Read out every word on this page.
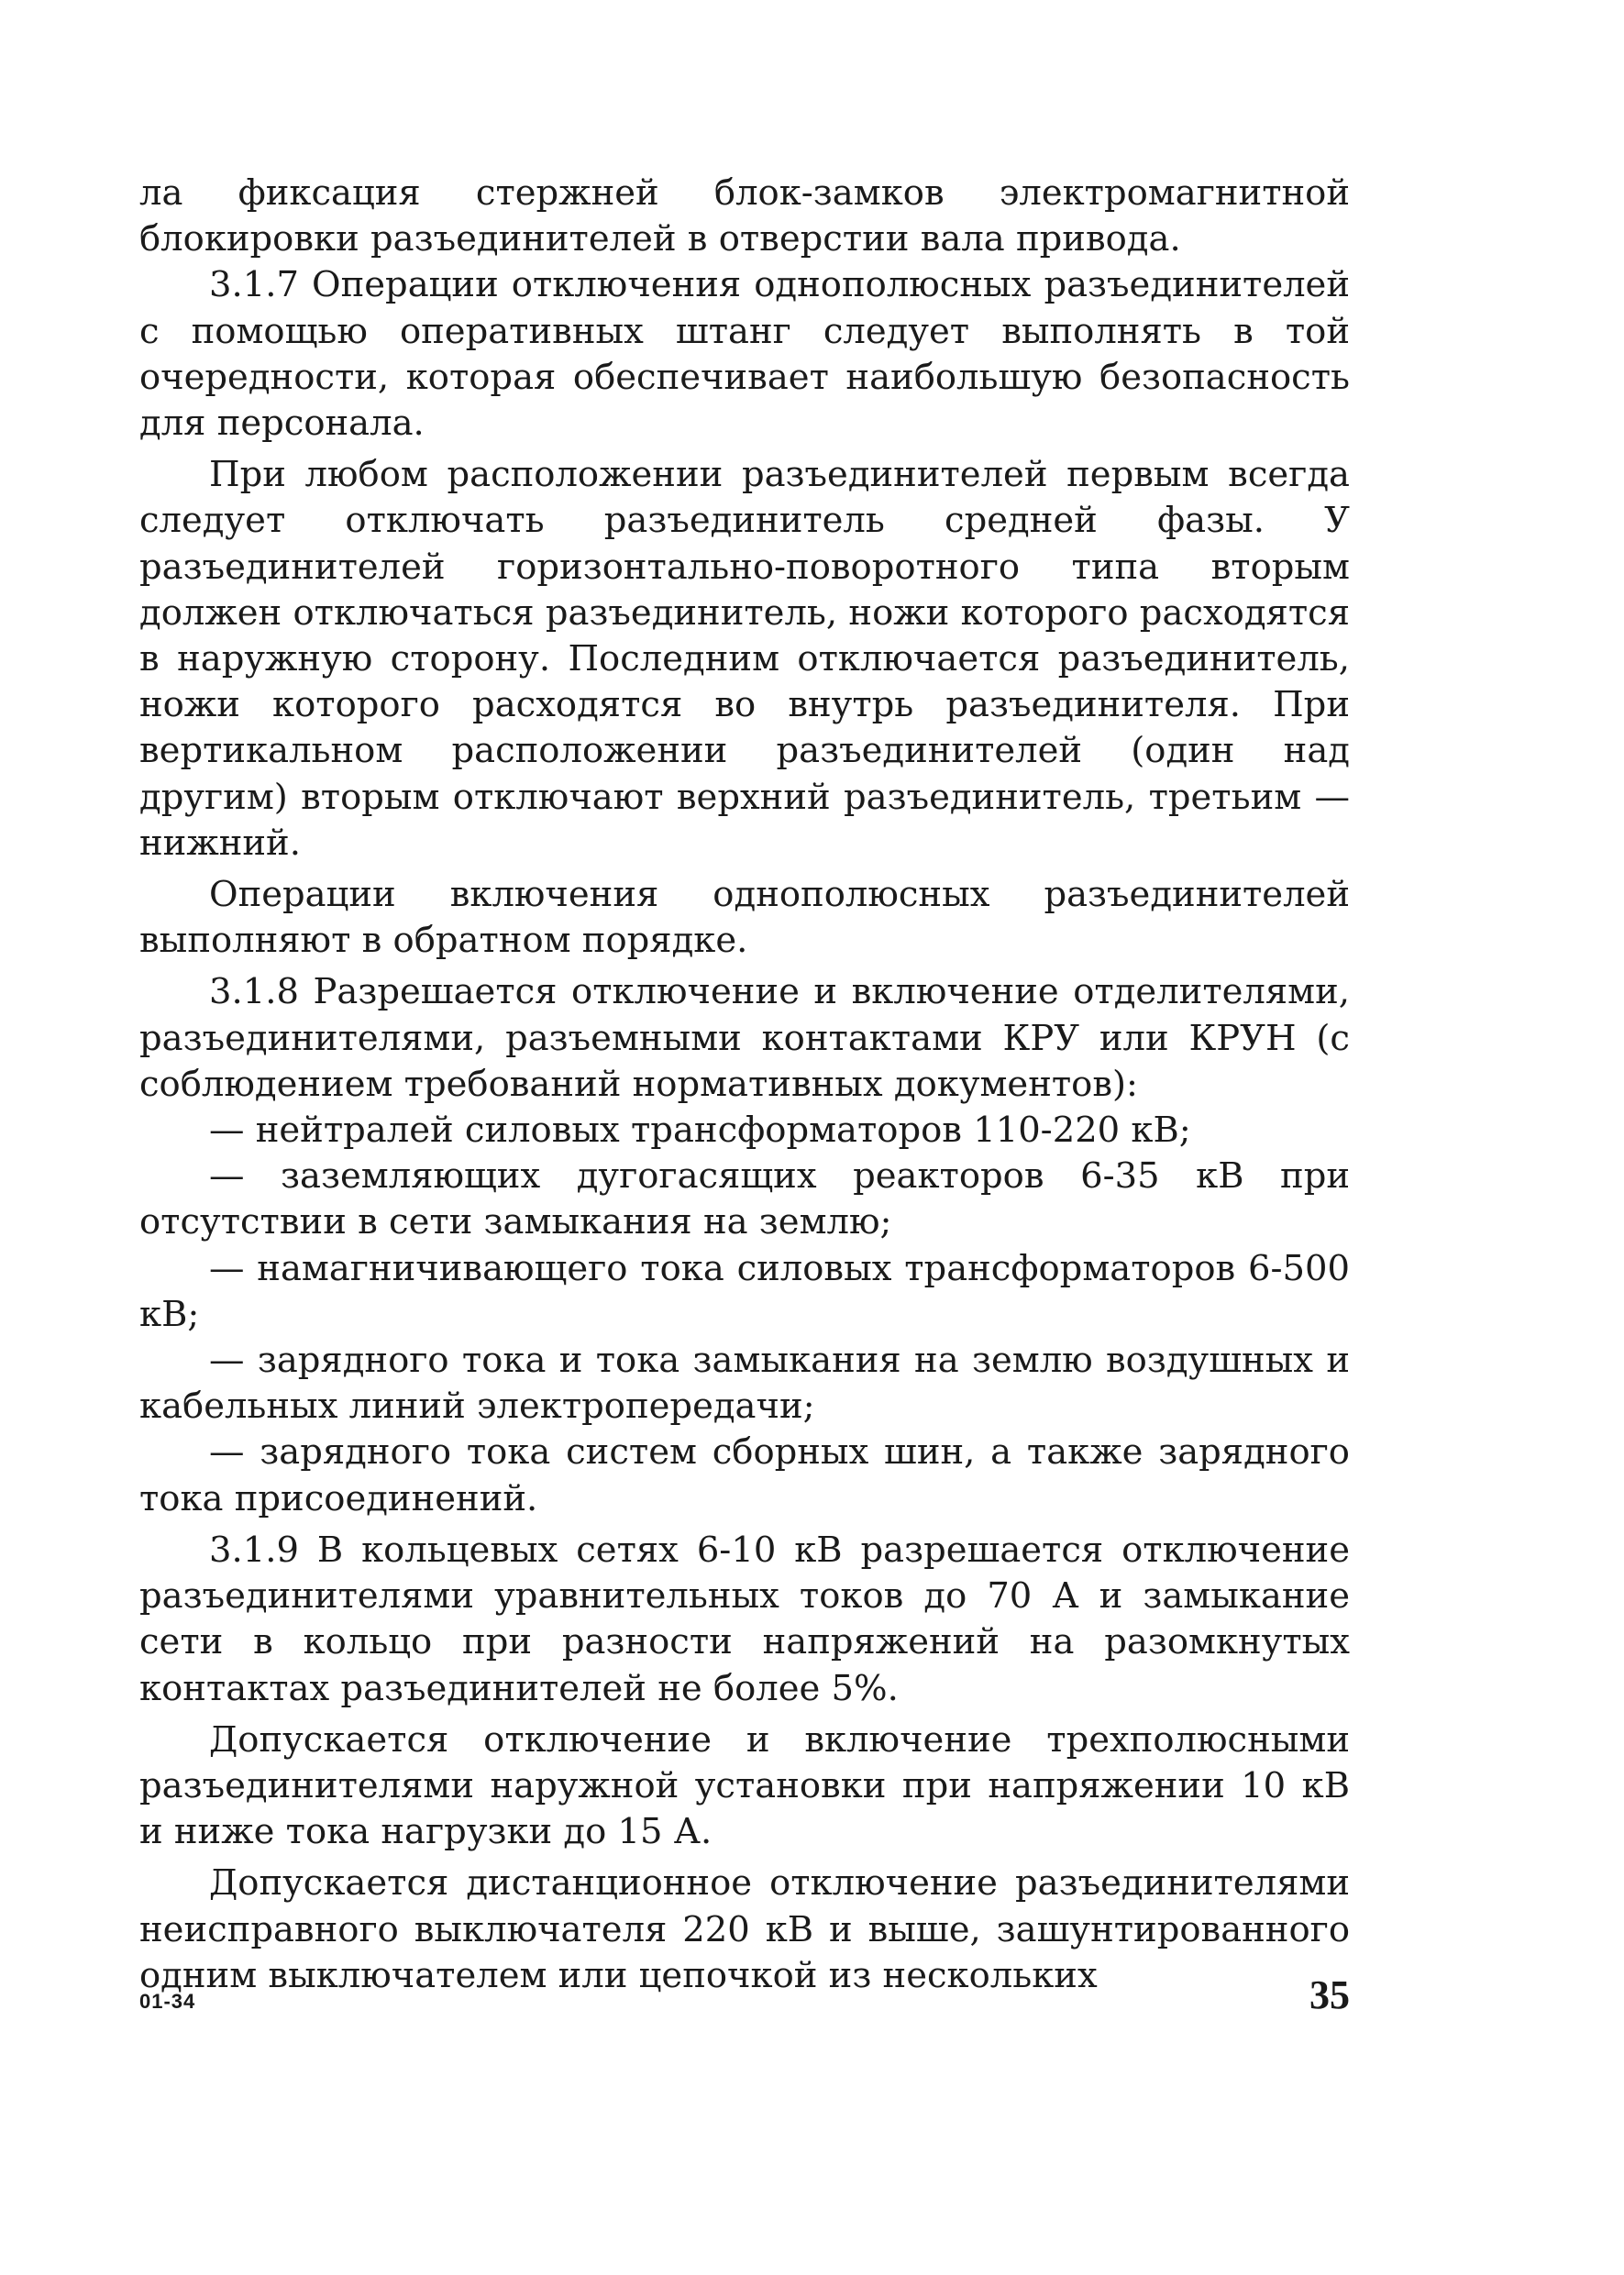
ла фиксация стержней блок-замков электромагнитной блокировки разъединителей в отверстии вала привода.

3.1.7 Операции отключения однополюсных разъединителей с помощью оперативных штанг следует выполнять в той очередности, которая обеспечивает наибольшую безопасность для персонала.

При любом расположении разъединителей первым всегда следует отключать разъединитель средней фазы. У разъединителей горизонтально-поворотного типа вторым должен отключаться разъединитель, ножи которого расходятся в наружную сторону. Последним отключается разъединитель, ножи которого расходятся во внутрь разъединителя. При вертикальном расположении разъединителей (один над другим) вторым отключают верхний разъединитель, третьим — нижний.

Операции включения однополюсных разъединителей выполняют в обратном порядке.

3.1.8 Разрешается отключение и включение отделителями, разъединителями, разъемными контактами КРУ или КРУН (с соблюдением требований нормативных документов):

— нейтралей силовых трансформаторов 110-220 кВ;

— заземляющих дугогасящих реакторов 6-35 кВ при отсутствии в сети замыкания на землю;

— намагничивающего тока силовых трансформаторов 6-500 кВ;

— зарядного тока и тока замыкания на землю воздушных и кабельных линий электропередачи;

— зарядного тока систем сборных шин, а также зарядного тока присоединений.

3.1.9 В кольцевых сетях 6-10 кВ разрешается отключение разъединителями уравнительных токов до 70 А и замыкание сети в кольцо при разности напряжений на разомкнутых контактах разъединителей не более 5%.

Допускается отключение и включение трехполюсными разъединителями наружной установки при напряжении 10 кВ и ниже тока нагрузки до 15 А.

Допускается дистанционное отключение разъединителями неисправного выключателя 220 кВ и выше, зашунтированного одним выключателем или цепочкой из нескольких

01-34	35
